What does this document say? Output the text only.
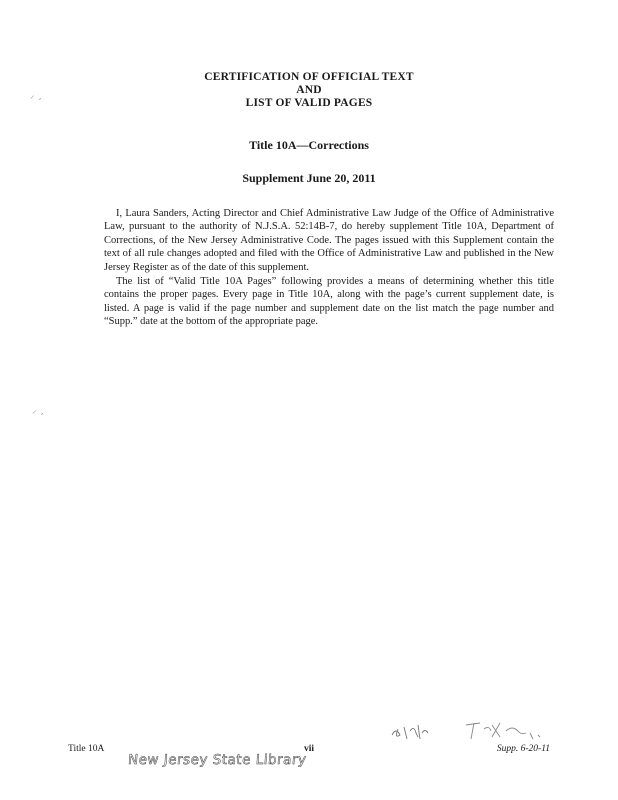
⸝ ˏ
⸝ ˏ
CERTIFICATION OF OFFICIAL TEXT
AND
LIST OF VALID PAGES
Title 10A—Corrections
Supplement June 20, 2011

I, Laura Sanders, Acting Director and Chief Administrative Law Judge of the Office of Administrative Law, pursuant to the authority of N.J.S.A. 52:14B-7, do hereby supplement Title 10A, Department of Corrections, of the New Jersey Administrative Code. The pages issued with this Supplement contain the text of all rule changes adopted and filed with the Office of Administrative Law and published in the New Jersey Register as of the date of this supplement.

The list of “Valid Title 10A Pages” following provides a means of determining whether this title contains the proper pages. Every page in Title 10A, along with the page’s current supplement date, is listed. A page is valid if the page number and supplement date on the list match the page number and “Supp.” date at the bottom of the appropriate page.

Title 10A	vii	Supp. 6-20-11
New Jersey State Library
